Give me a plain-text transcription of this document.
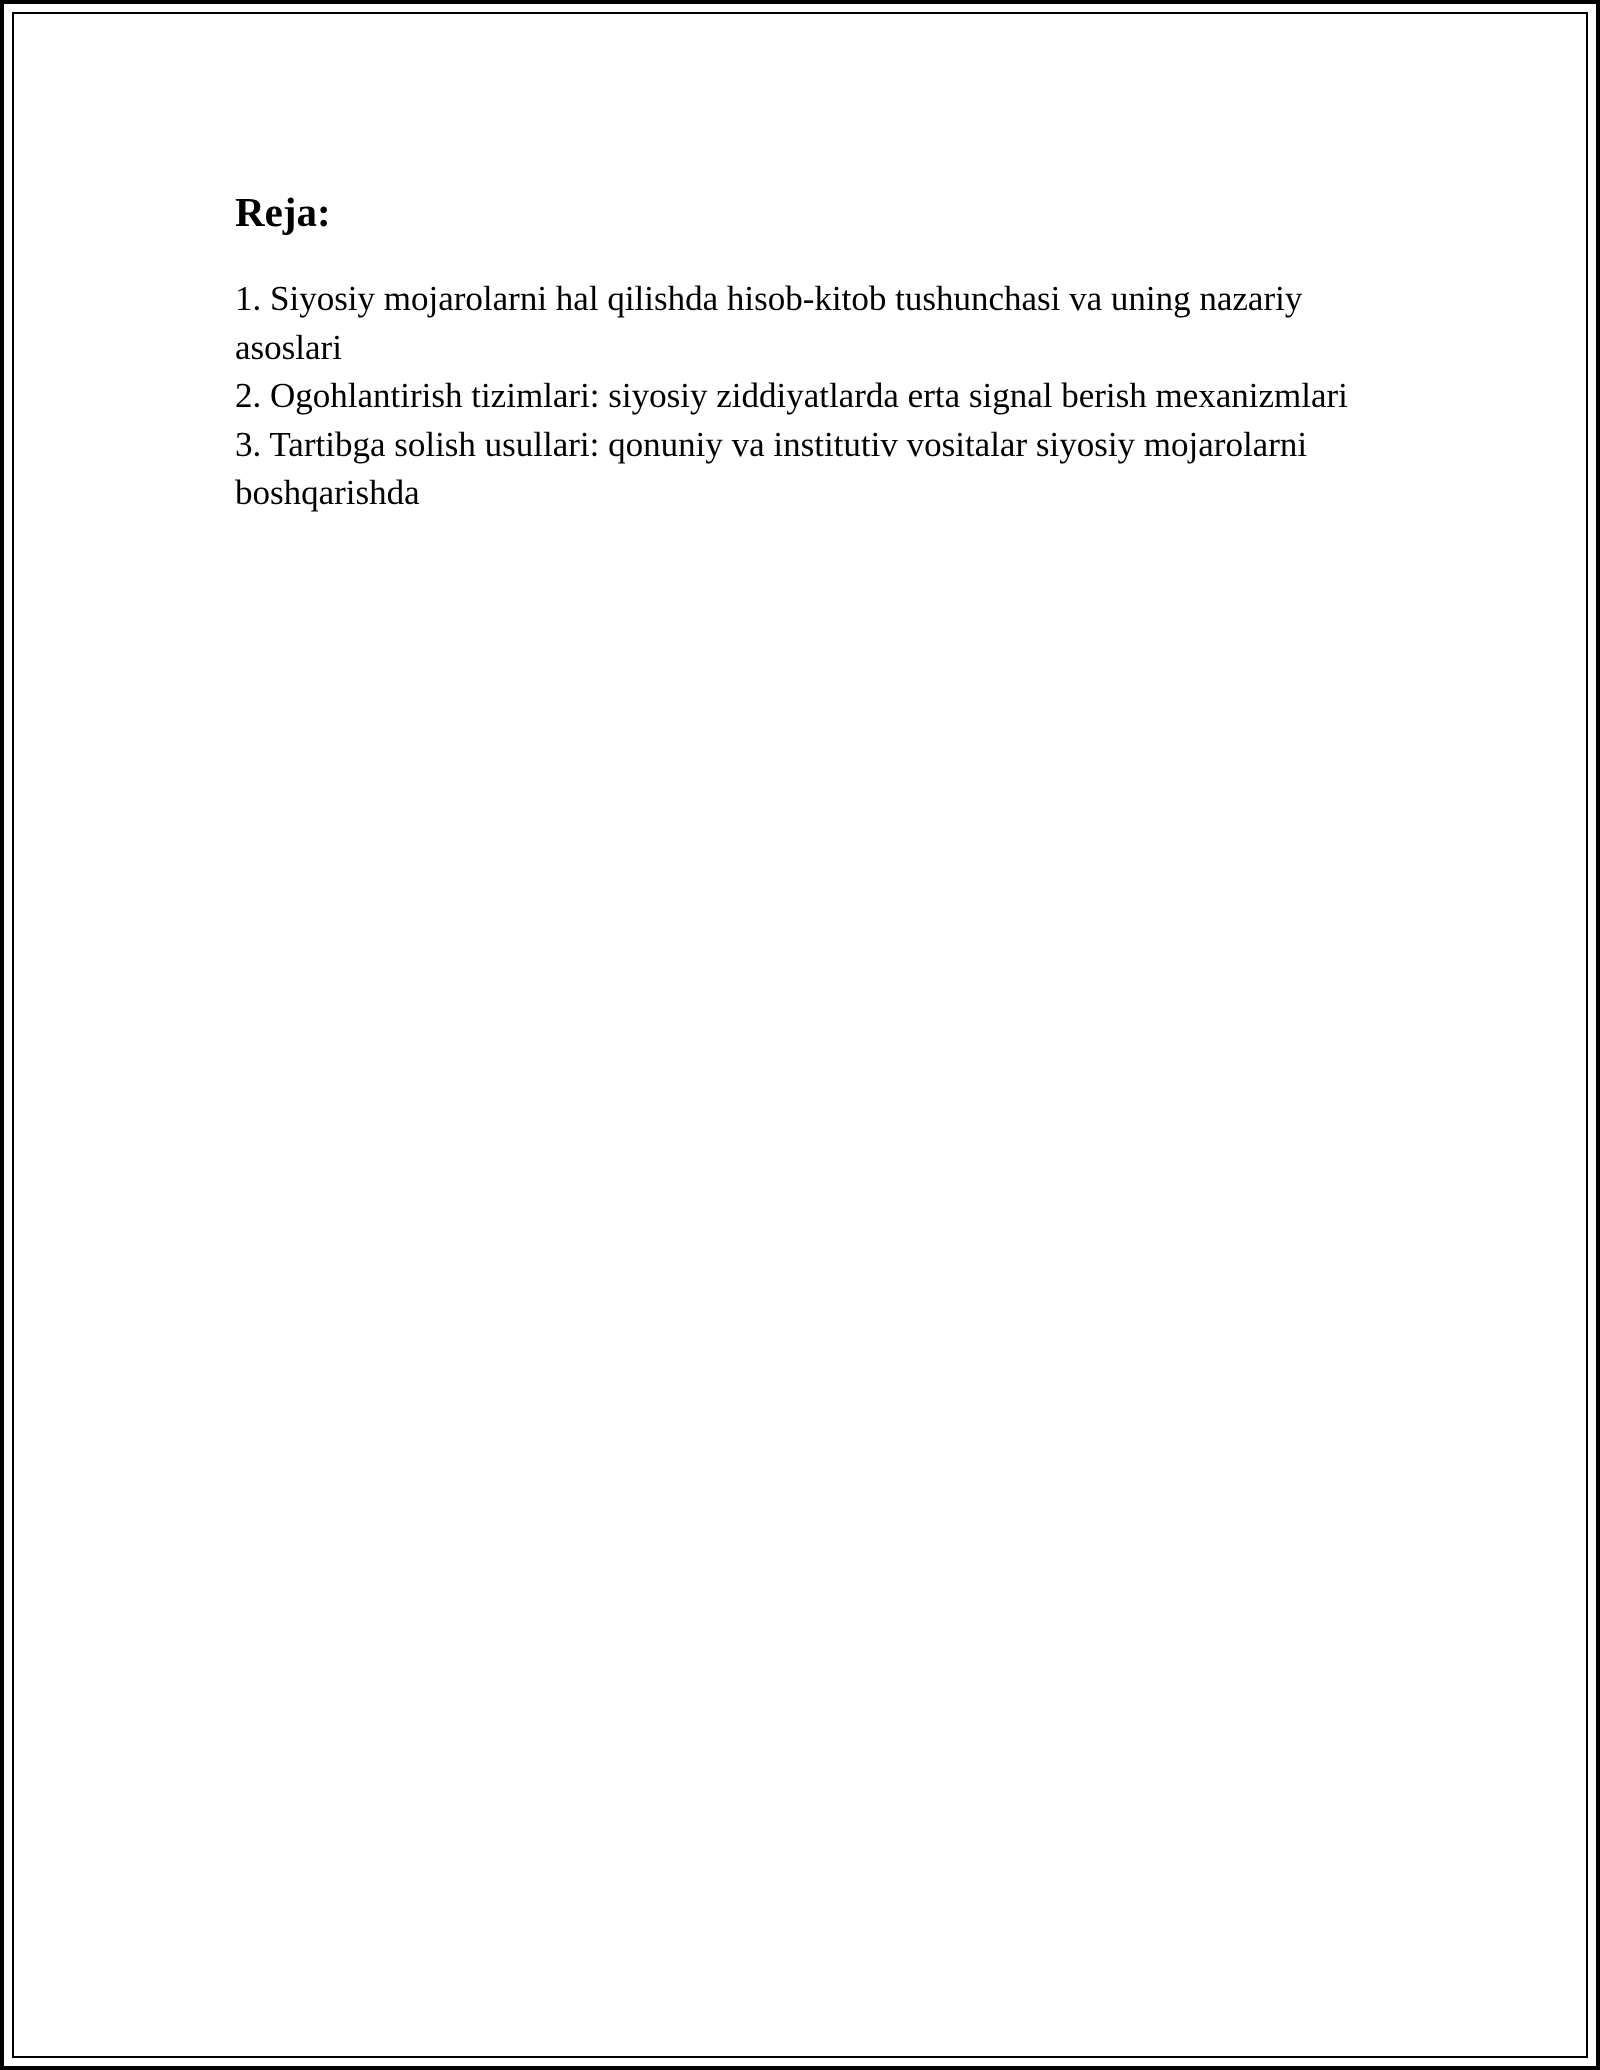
Reja:
1. Siyosiy mojarolarni hal qilishda hisob-kitob tushunchasi va uning nazariy asoslari
2. Ogohlantirish tizimlari: siyosiy ziddiyatlarda erta signal berish mexanizmlari
3. Tartibga solish usullari: qonuniy va institutiv vositalar siyosiy mojarolarni boshqarishda
